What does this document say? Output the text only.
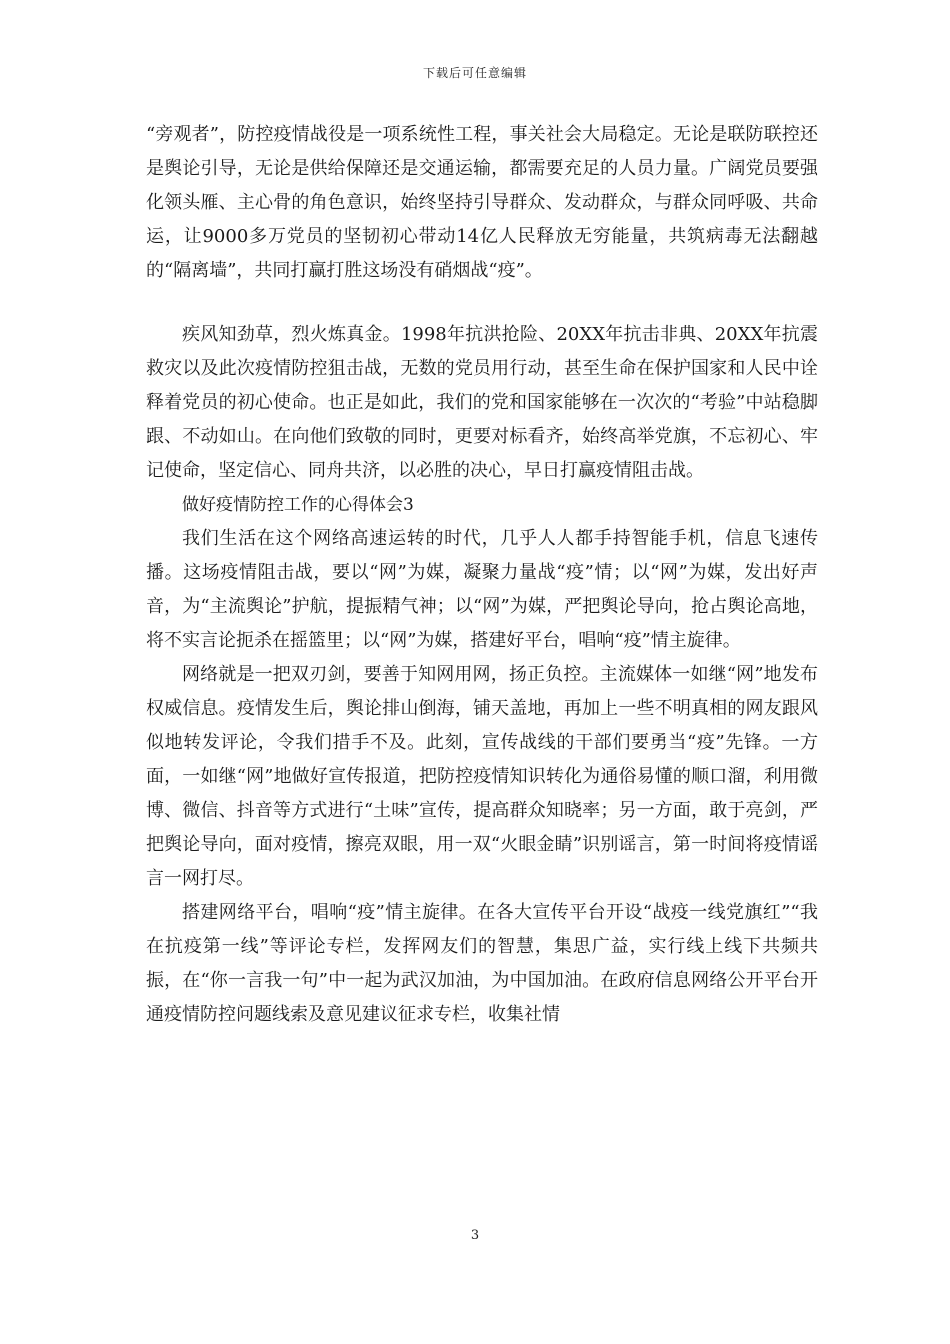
下载后可任意编辑

“旁观者”，防控疫情战役是一项系统性工程，事关社会大局稳定。无论是联防联控还是舆论引导，无论是供给保障还是交通运输，都需要充足的人员力量。广阔党员要强化领头雁、主心骨的角色意识，始终坚持引导群众、发动群众，与群众同呼吸、共命运，让9000多万党员的坚韧初心带动14亿人民释放无穷能量，共筑病毒无法翻越的“隔离墙”，共同打赢打胜这场没有硝烟战“疫”。

疾风知劲草，烈火炼真金。1998年抗洪抢险、20XX年抗击非典、20XX年抗震救灾以及此次疫情防控狙击战，无数的党员用行动，甚至生命在保护国家和人民中诠释着党员的初心使命。也正是如此，我们的党和国家能够在一次次的“考验”中站稳脚跟、不动如山。在向他们致敬的同时，更要对标看齐，始终高举党旗，不忘初心、牢记使命，坚定信心、同舟共济，以必胜的决心，早日打赢疫情阻击战。

做好疫情防控工作的心得体会3

我们生活在这个网络高速运转的时代，几乎人人都手持智能手机，信息飞速传播。这场疫情阻击战，要以“网”为媒，凝聚力量战“疫”情；以“网”为媒，发出好声音，为“主流舆论”护航，提振精气神；以“网”为媒，严把舆论导向，抢占舆论高地，将不实言论扼杀在摇篮里；以“网”为媒，搭建好平台，唱响“疫”情主旋律。

网络就是一把双刃剑，要善于知网用网，扬正负控。主流媒体一如继“网”地发布权威信息。疫情发生后，舆论排山倒海，铺天盖地，再加上一些不明真相的网友跟风似地转发评论，令我们措手不及。此刻，宣传战线的干部们要勇当“疫”先锋。一方面，一如继“网”地做好宣传报道，把防控疫情知识转化为通俗易懂的顺口溜，利用微博、微信、抖音等方式进行“土味”宣传，提高群众知晓率；另一方面，敢于亮剑，严把舆论导向，面对疫情，擦亮双眼，用一双“火眼金睛”识别谣言，第一时间将疫情谣言一网打尽。

搭建网络平台，唱响“疫”情主旋律。在各大宣传平台开设“战疫一线党旗红”“我在抗疫第一线”等评论专栏，发挥网友们的智慧，集思广益，实行线上线下共频共振，在“你一言我一句”中一起为武汉加油，为中国加油。在政府信息网络公开平台开通疫情防控问题线索及意见建议征求专栏，收集社情

3
